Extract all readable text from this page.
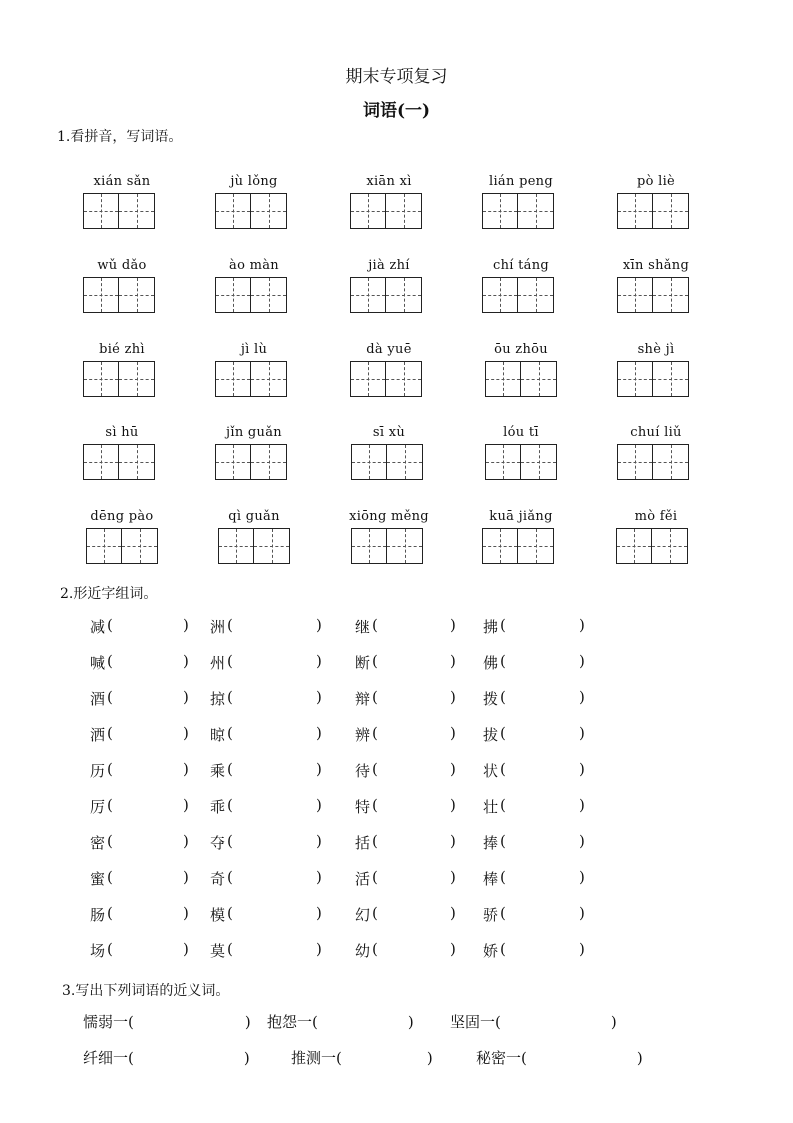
期末专项复习
词语(一)
1.看拼音，写词语。
xián sǎn	jù lǒng	xiān xì	lián peng	pò liè
wǔ dǎo	ào màn	jià zhí	chí táng	xīn shǎng
bié zhì	jì lù	dà yuē	ōu zhōu	shè jì
sì hū	jǐn guǎn	sī xù	lóu tī	chuí liǔ
dēng pào	qì guǎn	xiōng měng	kuā jiǎng	mò fěi
2.形近字组词。
减 (	) 洲 (	) 继 (	) 拂 (	)
喊 (	) 州 (	) 断 (	) 佛 (	)
酒 (	) 掠 (	) 辩 (	) 拨 (	)
洒 (	) 晾 (	) 辨 (	) 拔 (	)
历 (	) 乘 (	) 待 (	) 状 (	)
厉 (	) 乖 (	) 特 (	) 壮 (	)
密 (	) 夺 (	) 括 (	) 捧 (	)
蜜 (	) 奇 (	) 活 (	) 棒 (	)
肠 (	) 模 (	) 幻 (	) 骄 (	)
场 (	) 莫 (	) 幼 (	) 娇 (	)
3.写出下列词语的近义词。
懦弱一(	) 抱怨一(	) 坚固一(	)
纤细一(	)	推测一(	)	秘密一(	)
